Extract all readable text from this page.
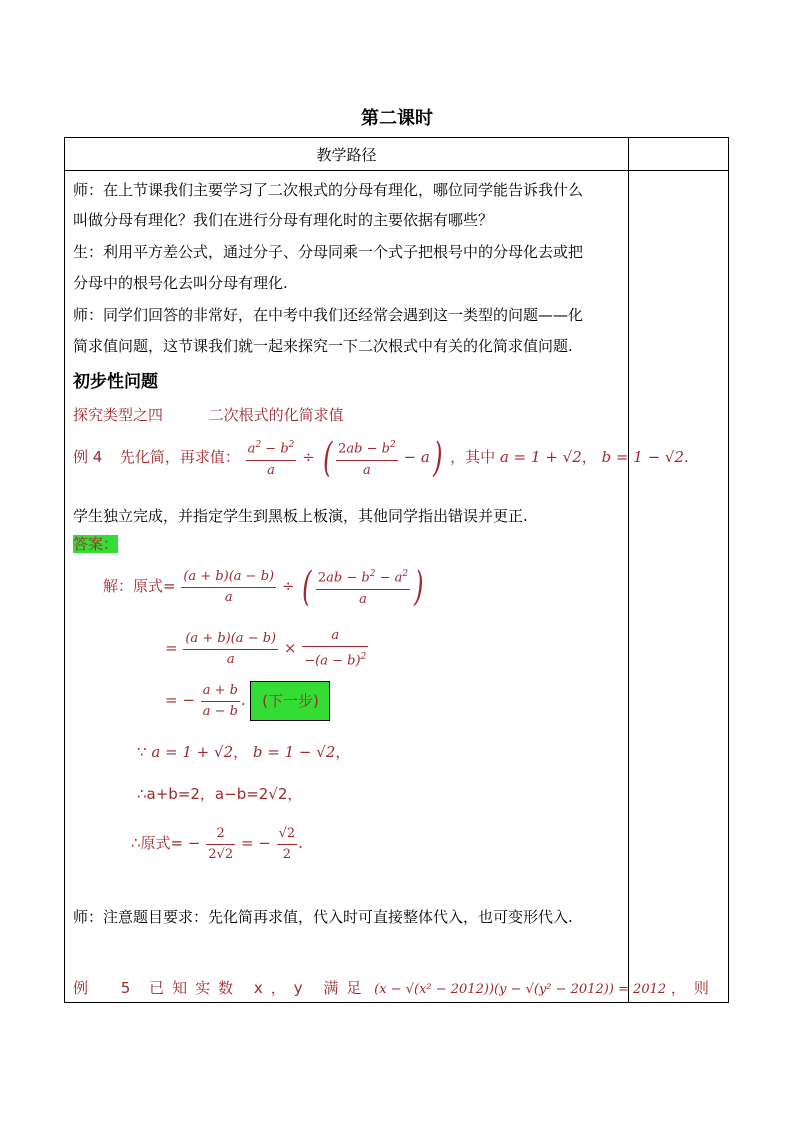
第二课时
教学路径
师：在上节课我们主要学习了二次根式的分母有理化，哪位同学能告诉我什么
叫做分母有理化？我们在进行分母有理化时的主要依据有哪些？
生：利用平方差公式，通过分子、分母同乘一个式子把根号中的分母化去或把
分母中的根号化去叫分母有理化.
师：同学们回答的非常好，在中考中我们还经常会遇到这一类型的问题——化
简求值问题，这节课我们就一起来探究一下二次根式中有关的化简求值问题.
初步性问题
探究类型之四	二次根式的化简求值
例 4 先化简，再求值： $\frac{a^2 - b^2}{a}$ ÷ ( $\frac{2ab - b^2}{a} - a$) ，其中 a = 1 + √2， b = 1 − √2.
学生独立完成，并指定学生到黑板上板演，其他同学指出错误并更正.
答案：
解：原式= $\frac{(a + b)(a - b)}{a}$ ÷ ( $\frac{2ab - b^2 - a^2}{a}$ )
= $\frac{(a + b)(a - b)}{a} \times \frac{a}{-(a - b)^2}$
= − $\frac{a + b}{a - b}$ . (下一步)
∵ a = 1 + √2， b = 1 − √2，
∴a+b=2，a−b=2√2，
∴原式= − $\frac{2}{2√2}$ = − $\frac{√2}{2}$ .
师：注意题目要求：先化简再求值，代入时可直接整体代入，也可变形代入.
例 5 已知实数 x，y 满足 (x − √(x² − 2012))(y − √(y² − 2012)) = 2012 ，则
